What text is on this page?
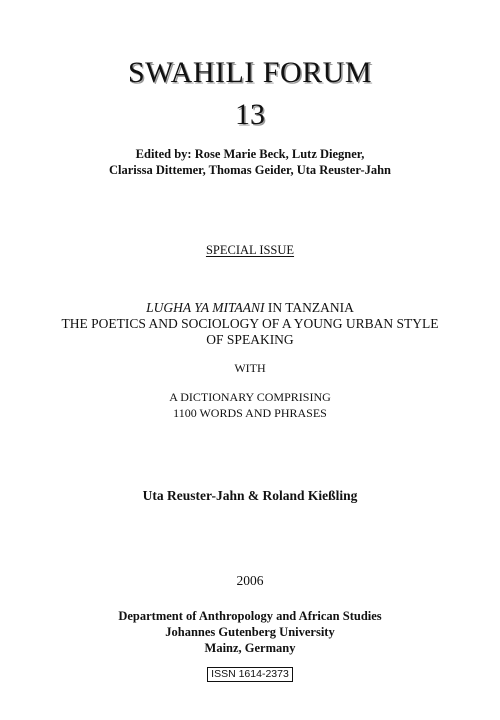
SWAHILI FORUM
13
Edited by: Rose Marie Beck, Lutz Diegner,
Clarissa Dittemer, Thomas Geider, Uta Reuster-Jahn
SPECIAL ISSUE
LUGHA YA MITAANI IN TANZANIA
THE POETICS AND SOCIOLOGY OF A YOUNG URBAN STYLE
OF SPEAKING
WITH
A DICTIONARY COMPRISING
1100 WORDS AND PHRASES
Uta Reuster-Jahn & Roland Kießling
2006
Department of Anthropology and African Studies
Johannes Gutenberg University
Mainz, Germany
ISSN 1614-2373
